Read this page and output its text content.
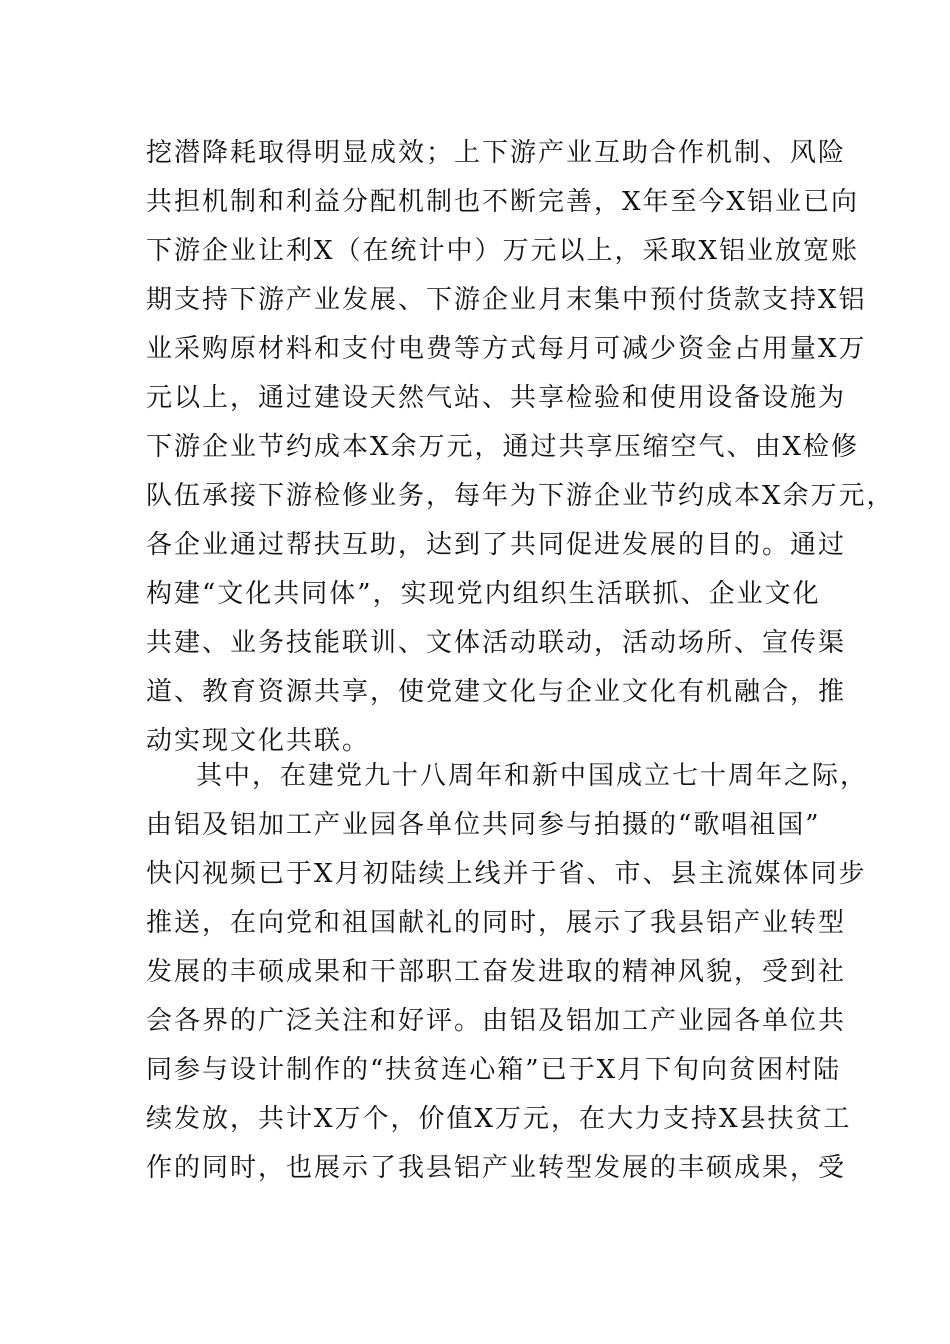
挖潜降耗取得明显成效；上下游产业互助合作机制、风险
共担机制和利益分配机制也不断完善，X年至今X铝业已向
下游企业让利X（在统计中）万元以上，采取X铝业放宽账
期支持下游产业发展、下游企业月末集中预付货款支持X铝
业采购原材料和支付电费等方式每月可减少资金占用量X万
元以上，通过建设天然气站、共享检验和使用设备设施为
下游企业节约成本X余万元，通过共享压缩空气、由X检修
队伍承接下游检修业务，每年为下游企业节约成本X余万元，
各企业通过帮扶互助，达到了共同促进发展的目的。通过
构建“文化共同体”，实现党内组织生活联抓、企业文化
共建、业务技能联训、文体活动联动，活动场所、宣传渠
道、教育资源共享，使党建文化与企业文化有机融合，推
动实现文化共联。
其中，在建党九十八周年和新中国成立七十周年之际，
由铝及铝加工产业园各单位共同参与拍摄的“歌唱祖国”
快闪视频已于X月初陆续上线并于省、市、县主流媒体同步
推送，在向党和祖国献礼的同时，展示了我县铝产业转型
发展的丰硕成果和干部职工奋发进取的精神风貌，受到社
会各界的广泛关注和好评。由铝及铝加工产业园各单位共
同参与设计制作的“扶贫连心箱”已于X月下旬向贫困村陆
续发放，共计X万个，价值X万元，在大力支持X县扶贫工
作的同时，也展示了我县铝产业转型发展的丰硕成果，受
